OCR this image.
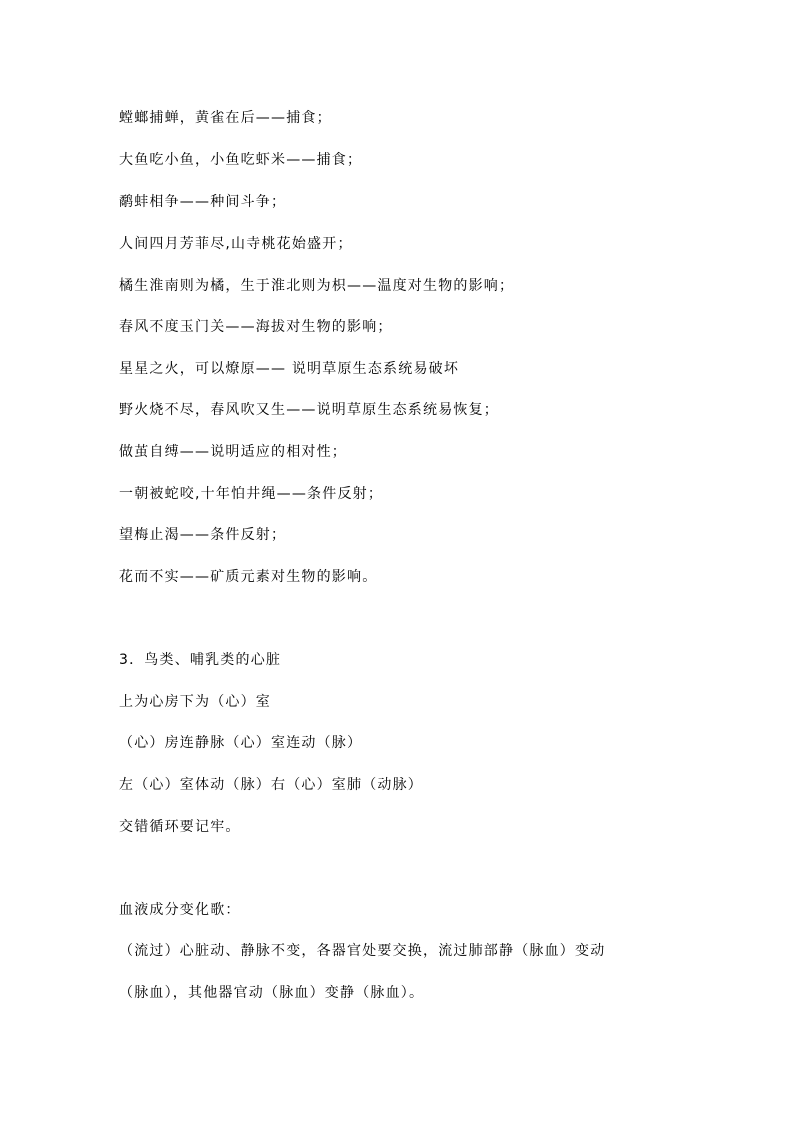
螳螂捕蝉，黄雀在后——捕食；
大鱼吃小鱼，小鱼吃虾米——捕食；
鹬蚌相争——种间斗争；
人间四月芳菲尽,山寺桃花始盛开；
橘生淮南则为橘，生于淮北则为枳——温度对生物的影响；
春风不度玉门关——海拔对生物的影响；
星星之火，可以燎原—— 说明草原生态系统易破坏
野火烧不尽，春风吹又生——说明草原生态系统易恢复；
做茧自缚——说明适应的相对性；
一朝被蛇咬,十年怕井绳——条件反射；
望梅止渴——条件反射；
花而不实——矿质元素对生物的影响。
3．鸟类、哺乳类的心脏
上为心房下为（心）室
（心）房连静脉（心）室连动（脉）
左（心）室体动（脉）右（心）室肺（动脉）
交错循环要记牢。
血液成分变化歌：
（流过）心脏动、静脉不变，各器官处要交换，流过肺部静（脉血）变动
（脉血），其他器官动（脉血）变静（脉血）。
